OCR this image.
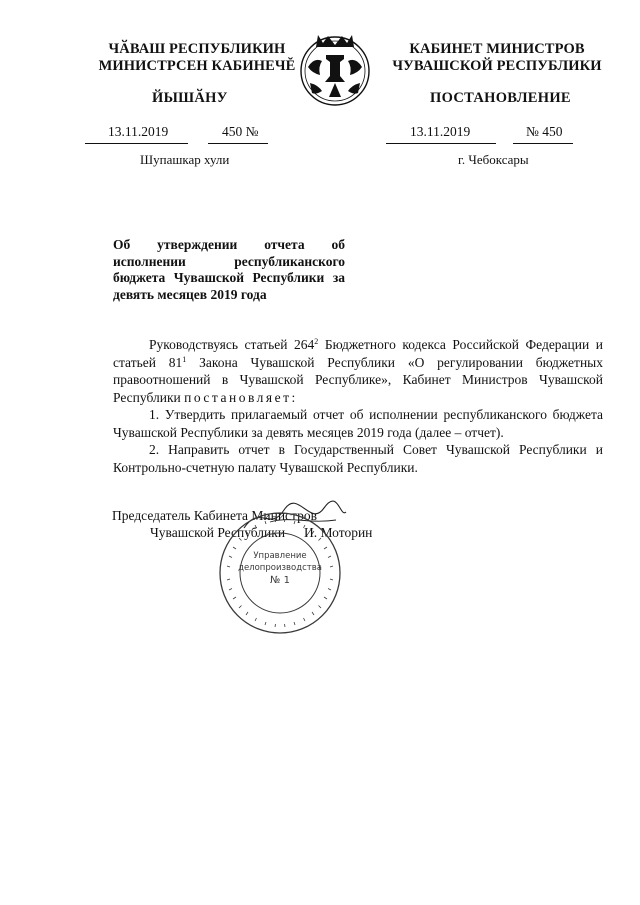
ЧӐВАШ РЕСПУБЛИКИН
МИНИСТРСЕН КАБИНЕЧĔ
ЙЫШӐНУ
КАБИНЕТ МИНИСТРОВ
ЧУВАШСКОЙ РЕСПУБЛИКИ
ПОСТАНОВЛЕНИЕ
13.11.2019	450 №	13.11.2019	№ 450
Шупашкар хули	г. Чебоксары
Об утверждении отчета об исполнении республиканского бюджета Чувашской Республики за девять месяцев 2019 года

Руководствуясь статьей $264^2$ Бюджетного кодекса Российской Федерации и статьей $81^1$ Закона Чувашской Республики «О регулировании бюджетных правоотношений в Чувашской Республике», Кабинет Министров Чувашской Республики постановляет:

1. Утвердить прилагаемый отчет об исполнении республиканского бюджета Чувашской Республики за девять месяцев 2019 года (далее – отчет).

2. Направить отчет в Государственный Совет Чувашской Республики и Контрольно-счетную палату Чувашской Республики.

Председатель Кабинета Министров
Чувашской Республики И. Моторин
Управление
делопроизводства
№ 1
